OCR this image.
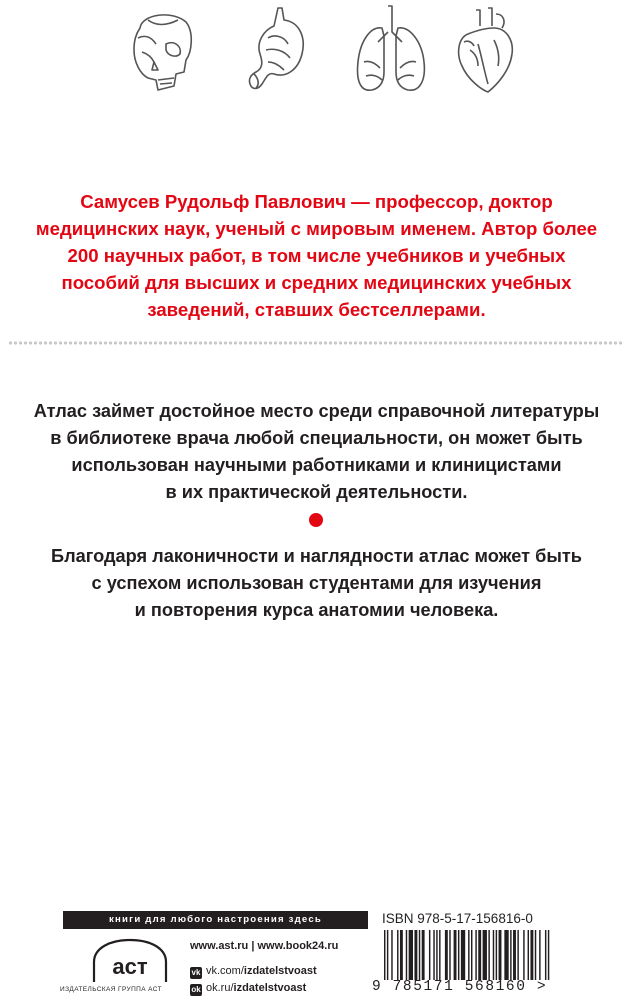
Самусев Рудольф Павлович — профессор, доктор
медицинских наук, ученый с мировым именем. Автор более
200 научных работ, в том числе учебников и учебных
пособий для высших и средних медицинских учебных
заведений, ставших бестселлерами.
Атлас займет достойное место среди справочной литературы
в библиотеке врача любой специальности, он может быть
использован научными работниками и клиницистами
в их практической деятельности.
Благодаря лаконичности и наглядности атлас может быть
с успехом использован студентами для изучения
и повторения курса анатомии человека.
книги для любого настроения здесь
аст
ИЗДАТЕЛЬСКАЯ ГРУППА АСТ
www.ast.ru | www.book24.ru
vk vk.com/izdatelstvoast
ok ok.ru/izdatelstvoast
ISBN 978-5-17-156816-0
9 785171 568160 >
